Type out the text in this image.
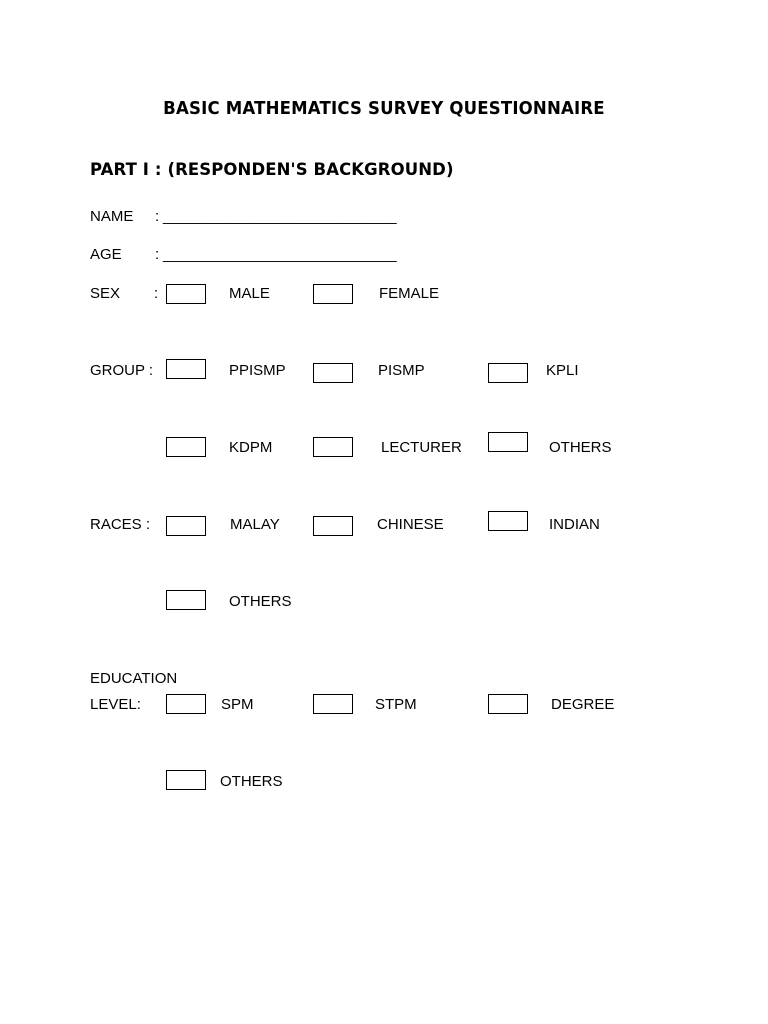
BASIC MATHEMATICS SURVEY QUESTIONNAIRE
PART I : (RESPONDEN'S BACKGROUND)
NAME : ____________________________
AGE : ____________________________
SEX :	MALE	FEMALE
GROUP :	PPISMP	PISMP	KPLI
KDPM	LECTURER	OTHERS
RACES :	MALAY	CHINESE	INDIAN
OTHERS
EDUCATION
LEVEL:	SPM	STPM	DEGREE
OTHERS
